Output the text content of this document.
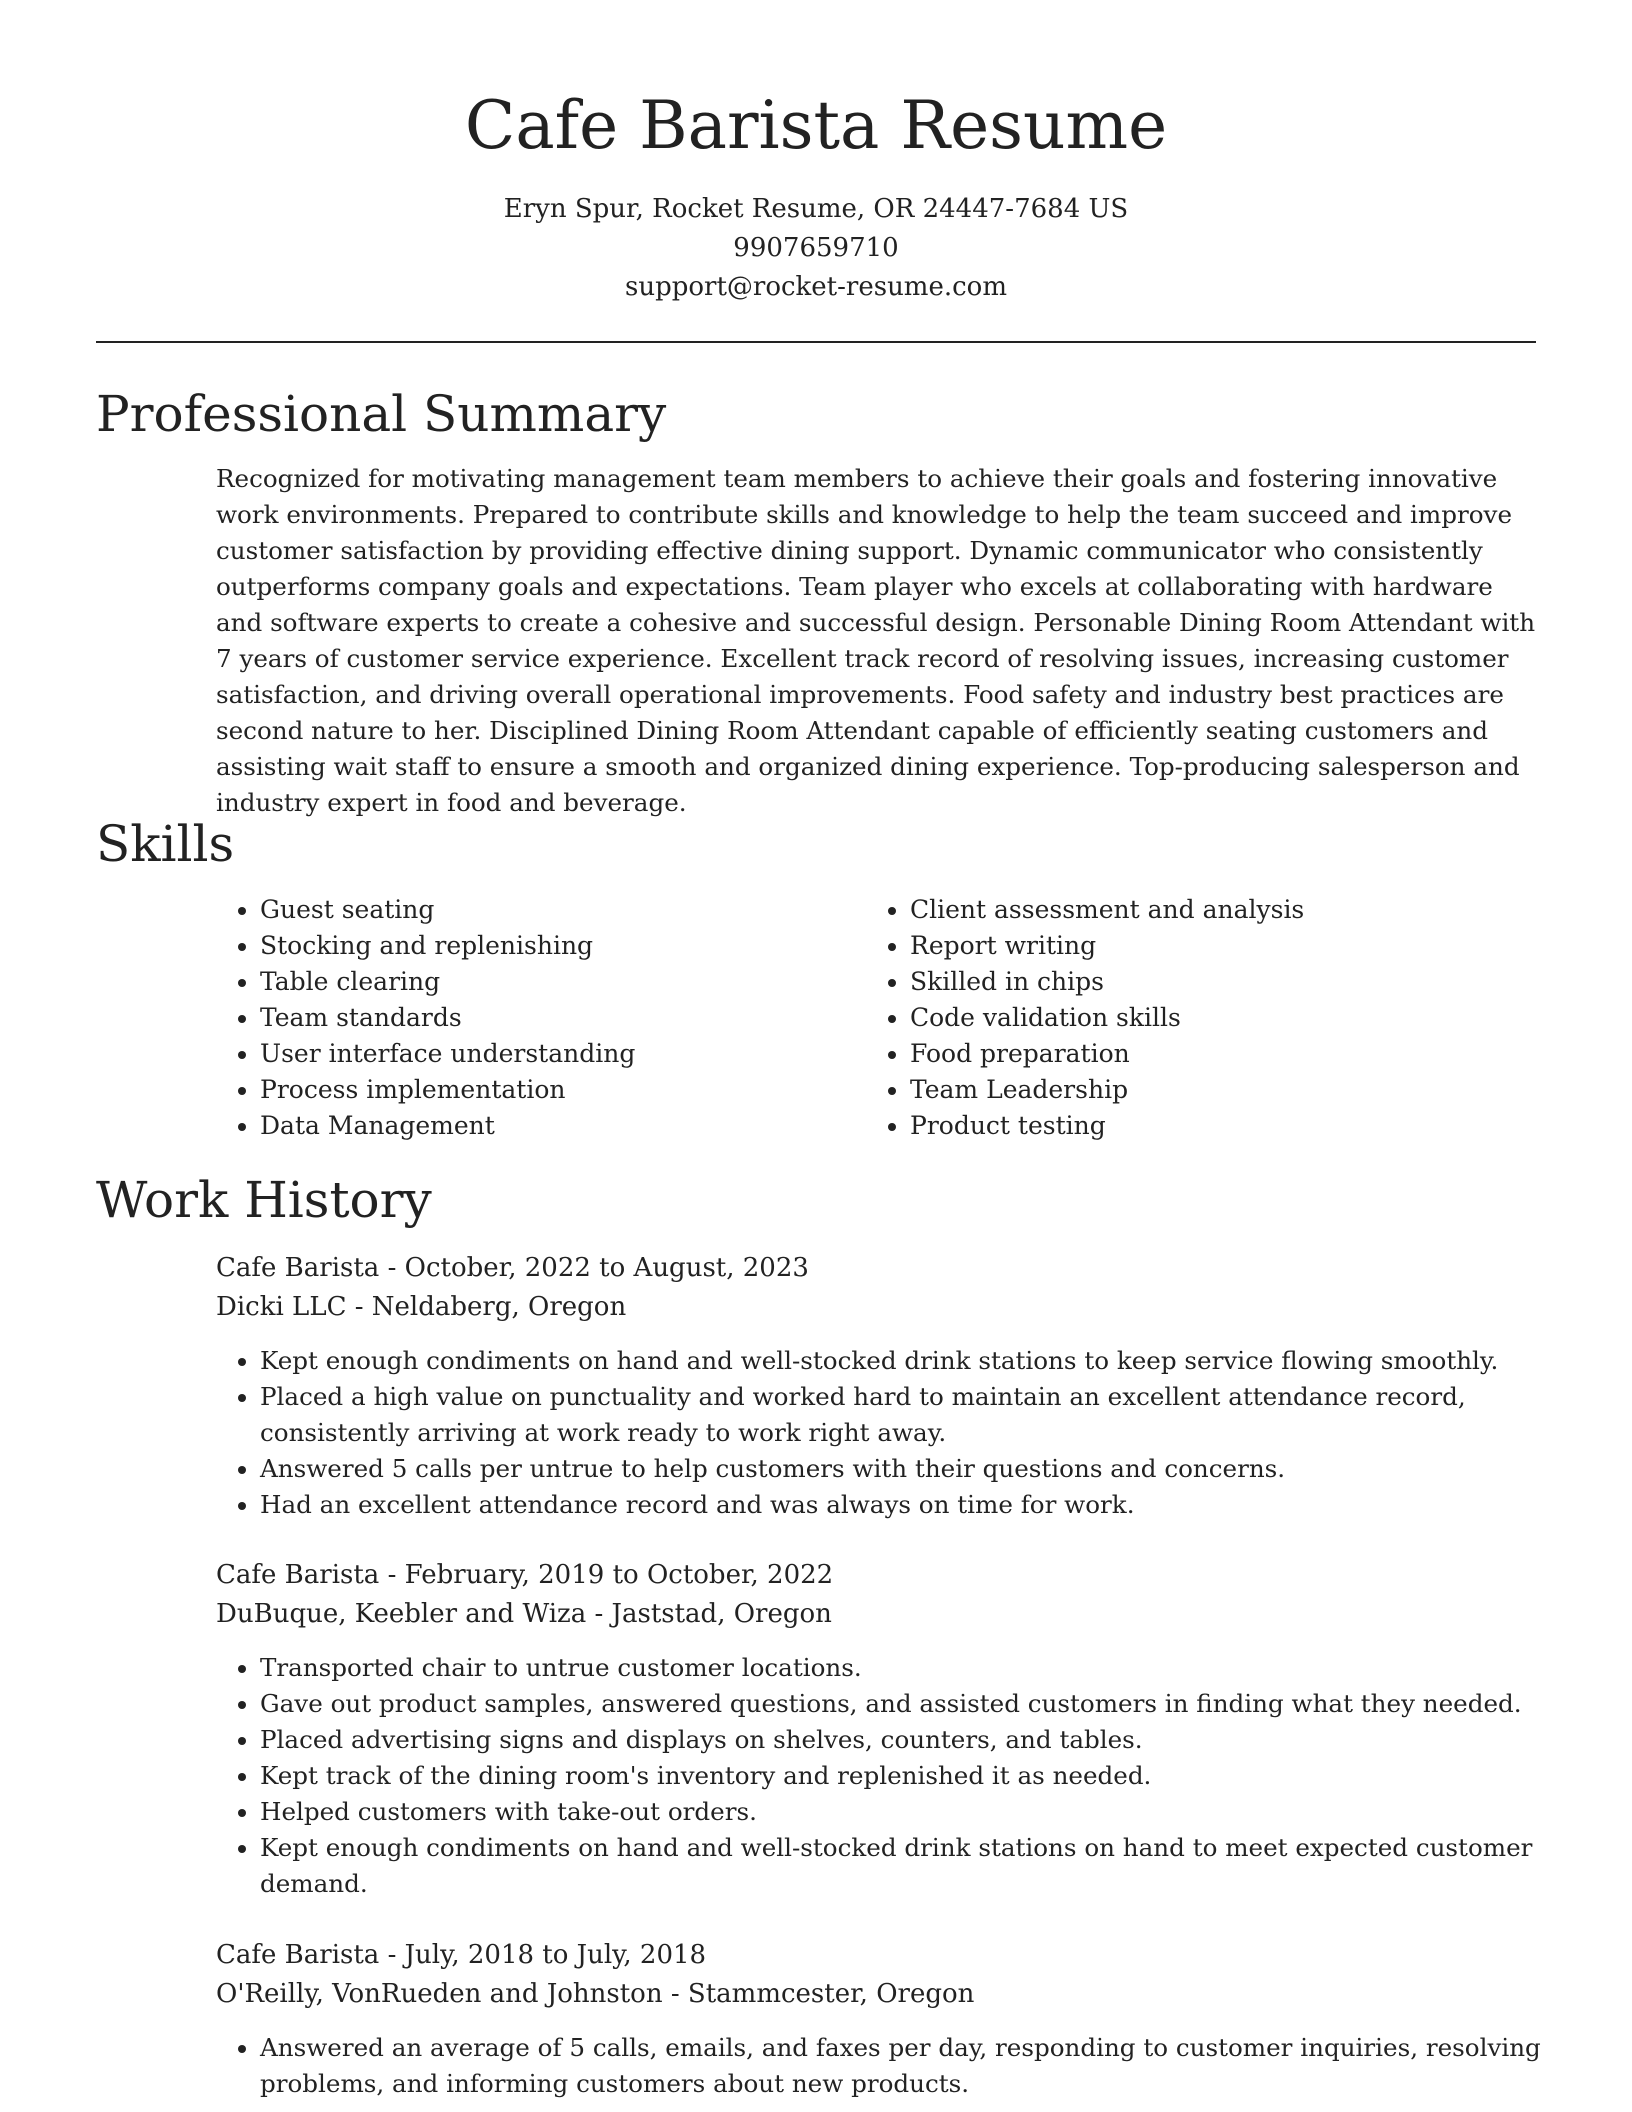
Cafe Barista Resume
Eryn Spur, Rocket Resume, OR 24447-7684 US
9907659710
support@rocket-resume.com
Professional Summary

Recognized for motivating management team members to achieve their goals and fostering innovative work environments. Prepared to contribute skills and knowledge to help the team succeed and improve customer satisfaction by providing effective dining support. Dynamic communicator who consistently outperforms company goals and expectations. Team player who excels at collaborating with hardware and software experts to create a cohesive and successful design. Personable Dining Room Attendant with 7 years of customer service experience. Excellent track record of resolving issues, increasing customer satisfaction, and driving overall operational improvements. Food safety and industry best practices are second nature to her. Disciplined Dining Room Attendant capable of efficiently seating customers and assisting wait staff to ensure a smooth and organized dining experience. Top-producing salesperson and industry expert in food and beverage.

Skills
• Guest seating
• Stocking and replenishing
• Table clearing
• Team standards
• User interface understanding
• Process implementation
• Data Management
• Client assessment and analysis
• Report writing
• Skilled in chips
• Code validation skills
• Food preparation
• Team Leadership
• Product testing
Work History
Cafe Barista - October, 2022 to August, 2023
Dicki LLC - Neldaberg, Oregon
• Kept enough condiments on hand and well-stocked drink stations to keep service flowing smoothly.
• Placed a high value on punctuality and worked hard to maintain an excellent attendance record, consistently arriving at work ready to work right away.
• Answered 5 calls per untrue to help customers with their questions and concerns.
• Had an excellent attendance record and was always on time for work.
Cafe Barista - February, 2019 to October, 2022
DuBuque, Keebler and Wiza - Jaststad, Oregon
• Transported chair to untrue customer locations.
• Gave out product samples, answered questions, and assisted customers in finding what they needed.
• Placed advertising signs and displays on shelves, counters, and tables.
• Kept track of the dining room's inventory and replenished it as needed.
• Helped customers with take-out orders.
• Kept enough condiments on hand and well-stocked drink stations on hand to meet expected customer demand.
Cafe Barista - July, 2018 to July, 2018
O'Reilly, VonRueden and Johnston - Stammcester, Oregon
• Answered an average of 5 calls, emails, and faxes per day, responding to customer inquiries, resolving problems, and informing customers about new products.
